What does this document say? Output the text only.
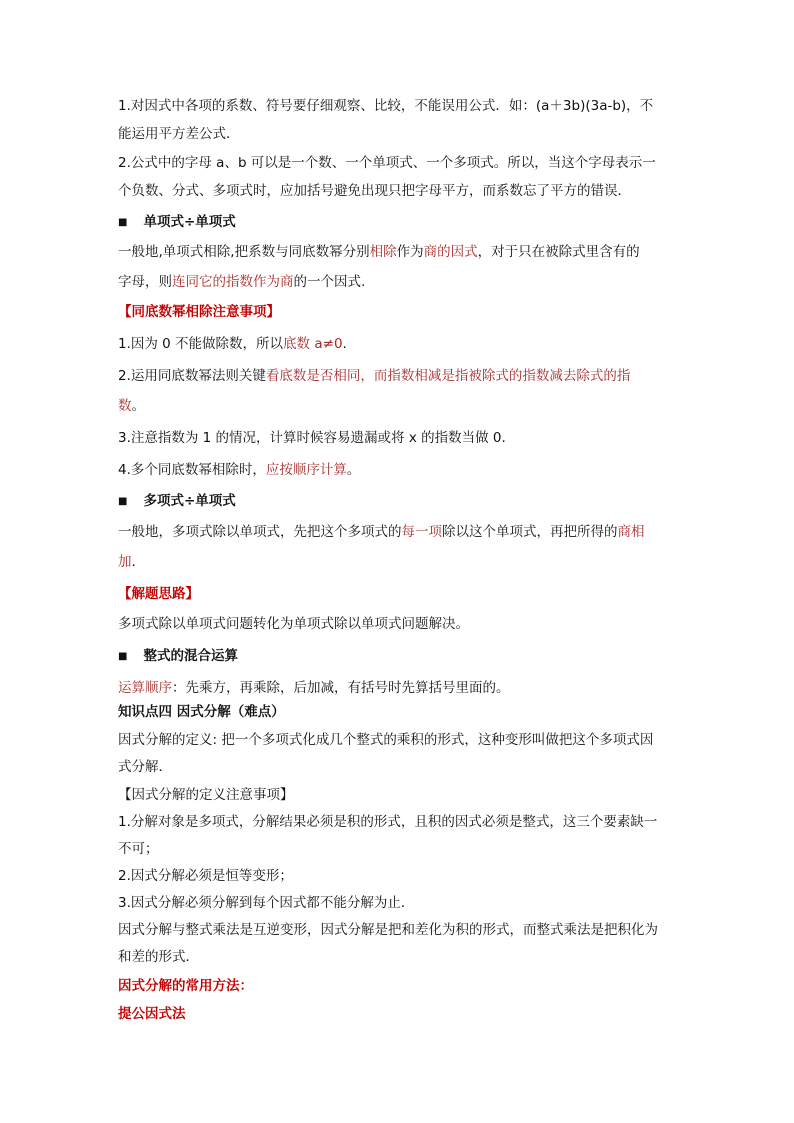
1.对因式中各项的系数、符号要仔细观察、比较，不能误用公式．如：(a＋3b)(3a-b)，不
能运用平方差公式．
2.公式中的字母 a、b 可以是一个数、一个单项式、一个多项式。所以，当这个字母表示一
个负数、分式、多项式时，应加括号避免出现只把字母平方，而系数忘了平方的错误．
■ 单项式÷单项式
一般地,单项式相除,把系数与同底数幂分别相除作为商的因式，对于只在被除式里含有的
字母，则连同它的指数作为商的一个因式.
【同底数幂相除注意事项】
1.因为 0 不能做除数，所以底数 a≠0.
2.运用同底数幂法则关键看底数是否相同，而指数相减是指被除式的指数减去除式的指
数。
3.注意指数为 1 的情况，计算时候容易遗漏或将 x 的指数当做 0.
4.多个同底数幂相除时，应按顺序计算。
■ 多项式÷单项式
一般地，多项式除以单项式，先把这个多项式的每一项除以这个单项式，再把所得的商相
加.
【解题思路】
多项式除以单项式问题转化为单项式除以单项式问题解决。
■ 整式的混合运算
运算顺序：先乘方，再乘除，后加减，有括号时先算括号里面的。
知识点四 因式分解（难点）
因式分解的定义: 把一个多项式化成几个整式的乘积的形式，这种变形叫做把这个多项式因
式分解．
【因式分解的定义注意事项】
1.分解对象是多项式，分解结果必须是积的形式，且积的因式必须是整式，这三个要素缺一
不可；
2.因式分解必须是恒等变形；
3.因式分解必须分解到每个因式都不能分解为止．
因式分解与整式乘法是互逆变形，因式分解是把和差化为积的形式，而整式乘法是把积化为
和差的形式．
因式分解的常用方法：
提公因式法
